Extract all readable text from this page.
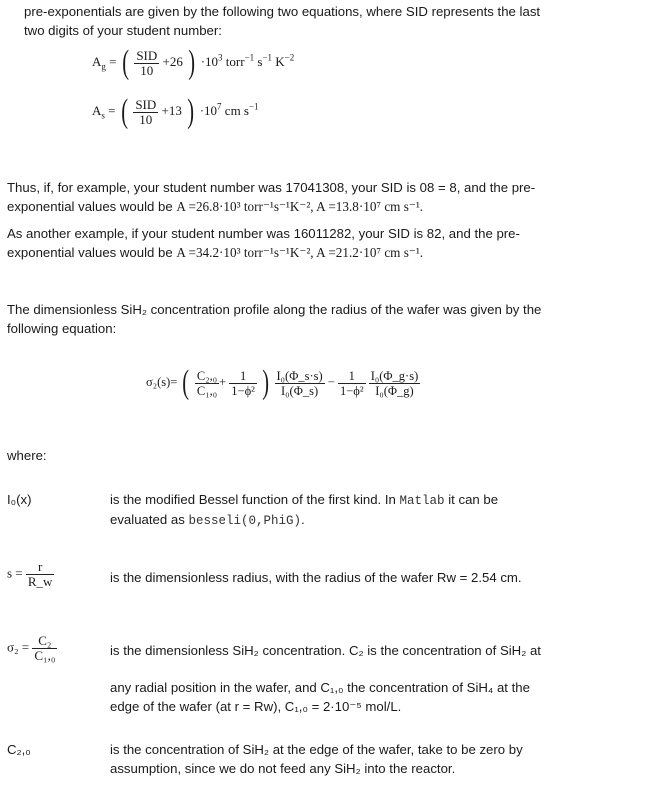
pre-exponentials are given by the following two equations, where SID represents the last
two digits of your student number:
$A_g$ = ( $\frac{\text{SID}}{10} +26$ ) $\cdot 10^3$ torr$^{-1}$ $s^{-1}$ $K^{-2}$
$A_s$ = ( $\frac{\text{SID}}{10} +13$ ) $\cdot 10^7$ cm $s^{-1}$
Thus, if, for example, your student number was 17041308, your SID is 08 = 8, and the pre-
exponential values would be A =26.8·10³ torr⁻¹s⁻¹K⁻², A =13.8·10⁷ cm s⁻¹.
As another example, if your student number was 16011282, your SID is 82, and the pre-
exponential values would be A =34.2·10³ torr⁻¹s⁻¹K⁻², A =21.2·10⁷ cm s⁻¹.
The dimensionless SiH₂ concentration profile along the radius of the wafer was given by the
following equation:
σ₂(s)= ( $\frac{\text{C₂,₀}}{\text{C₁,₀}} + \frac{1}{\text{1−ϕ²}}$ ) $\frac{\text{I₀(Φ\_s·s)}}{\text{I₀(Φ\_s)}} - \frac{1}{\text{1−ϕ²}}$
$\frac{\text{I₀(Φ\_g·s)}}{\text{I₀(Φ\_g)}}$
where:
I₀(x)	is the modified Bessel function of the first kind. In Matlab it can be
evaluated as besseli(0,PhiG).
$s = \frac{r}{R\_w}$	is the dimensionless radius, with the radius of the wafer Rw = 2.54 cm.
$\sigma_2 = \frac{\text{C₂}}{\text{C₁,₀}}$	is the dimensionless SiH₂ concentration. C₂ is the concentration of SiH₂ at
any radial position in the wafer, and C₁,₀ the concentration of SiH₄ at the
edge of the wafer (at r = Rw), C₁,₀ = 2·10⁻⁵ mol/L.
C₂,₀	is the concentration of SiH₂ at the edge of the wafer, take to be zero by
assumption, since we do not feed any SiH₂ into the reactor.
